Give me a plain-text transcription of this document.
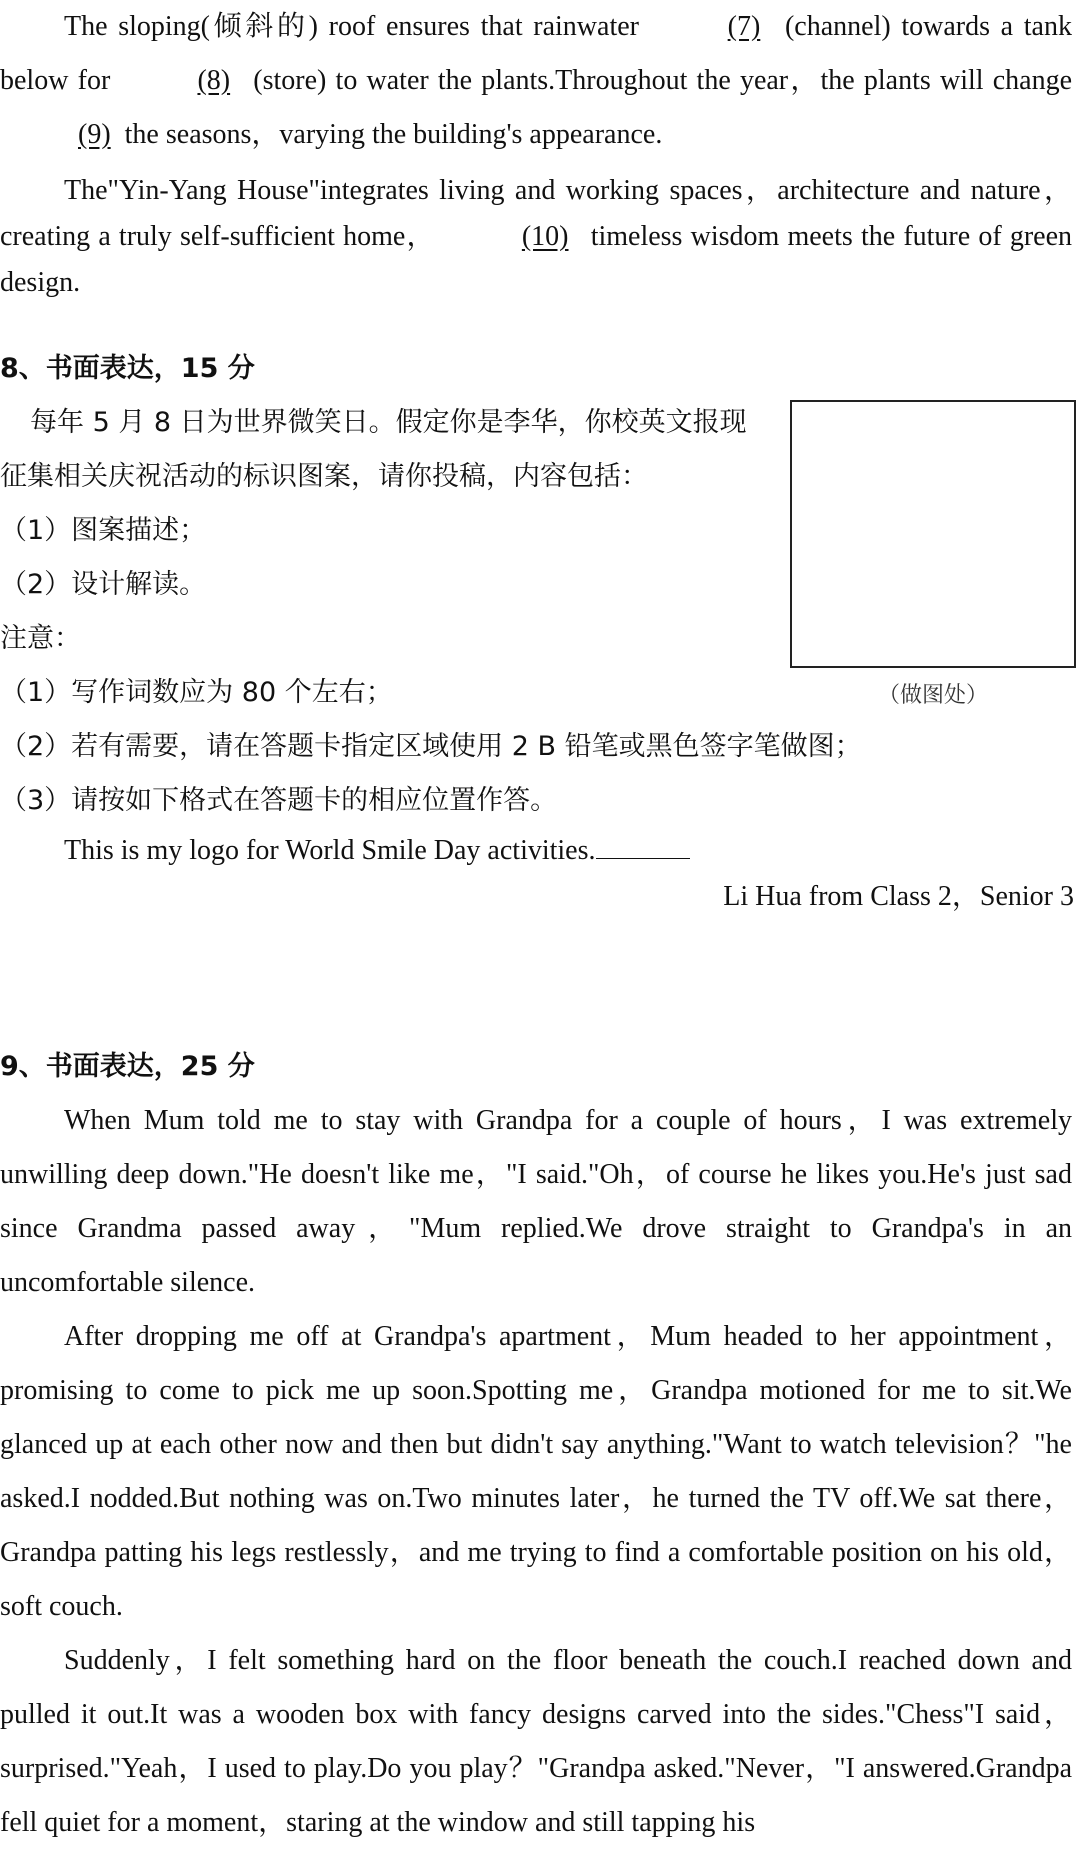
The sloping(倾斜的) roof ensures that rainwater	(7) (channel) towards a tank below for	(8) (store) to water the plants.Throughout the year，the plants will change (9) the seasons，varying the building's appearance.

The"Yin-Yang House"integrates living and working spaces，architecture and nature，creating a truly self-sufficient home，	(10) timeless wisdom meets the future of green design.

8、书面表达，15 分

每年 5 月 8 日为世界微笑日。假定你是李华，你校英文报现征集相关庆祝活动的标识图案，请你投稿，内容包括：

（1）图案描述；

（2）设计解读。

注意：

（1）写作词数应为 80 个左右；

（2）若有需要，请在答题卡指定区域使用 2 B 铅笔或黑色签字笔做图；

（3）请按如下格式在答题卡的相应位置作答。

This is my logo for World Smile Day activities.

Li Hua from Class 2，Senior 3

（做图处）

9、书面表达，25 分

When Mum told me to stay with Grandpa for a couple of hours，I was extremely unwilling deep down."He doesn't like me，"I said."Oh，of course he likes you.He's just sad since Grandma passed away，"Mum replied.We drove straight to Grandpa's in an uncomfortable silence.

After dropping me off at Grandpa's apartment，Mum headed to her appointment，promising to come to pick me up soon.Spotting me，Grandpa motioned for me to sit.We glanced up at each other now and then but didn't say anything."Want to watch television？"he asked.I nodded.But nothing was on.Two minutes later，he turned the TV off.We sat there，Grandpa patting his legs restlessly，and me trying to find a comfortable position on his old，soft couch.

Suddenly，I felt something hard on the floor beneath the couch.I reached down and pulled it out.It was a wooden box with fancy designs carved into the sides."Chess"I said，surprised."Yeah，I used to play.Do you play？"Grandpa asked."Never，"I answered.Grandpa fell quiet for a moment，staring at the window and still tapping his
